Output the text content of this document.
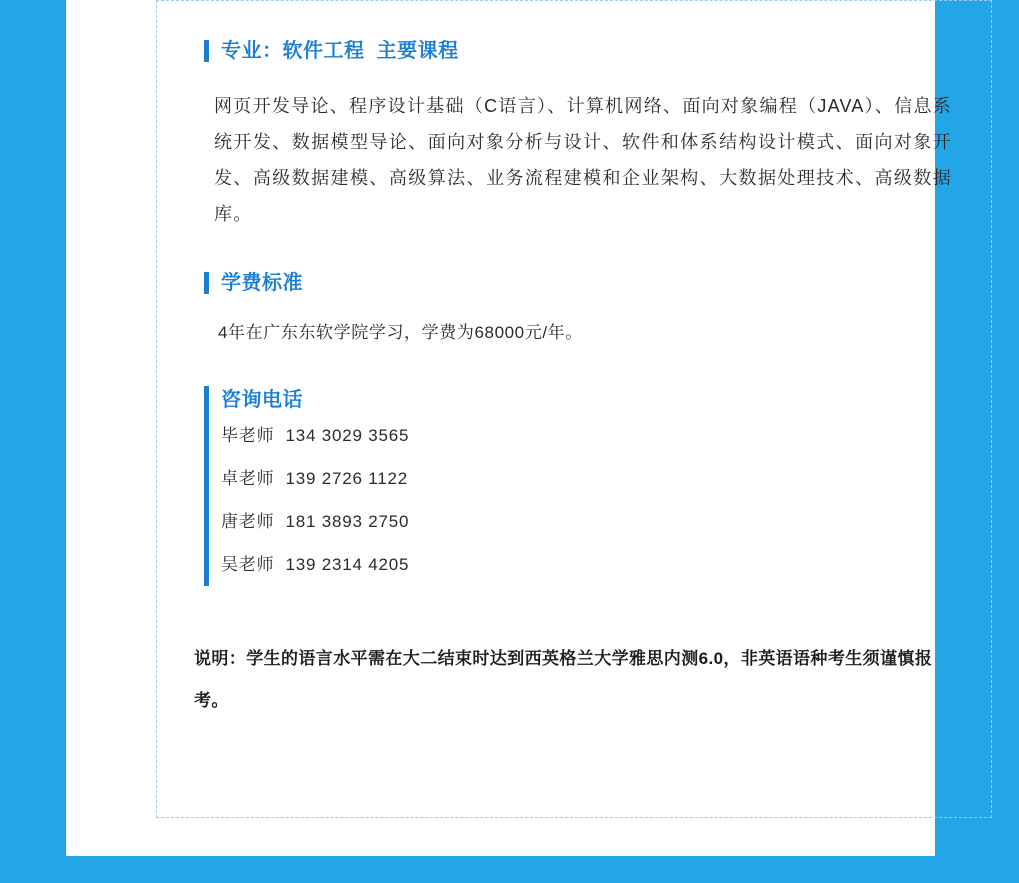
专业：软件工程  主要课程

网页开发导论、程序设计基础（C语言）、计算机网络、面向对象编程（JAVA）、信息系统开发、数据模型导论、面向对象分析与设计、软件和体系结构设计模式、面向对象开发、高级数据建模、高级算法、业务流程建模和企业架构、大数据处理技术、高级数据库。

学费标准

4年在广东东软学院学习，学费为68000元/年。

咨询电话
毕老师  134 3029 3565
卓老师  139 2726 1122
唐老师  181 3893 2750
吴老师  139 2314 4205

说明：学生的语言水平需在大二结束时达到西英格兰大学雅思内测6.0，非英语语种考生须谨慎报考。
